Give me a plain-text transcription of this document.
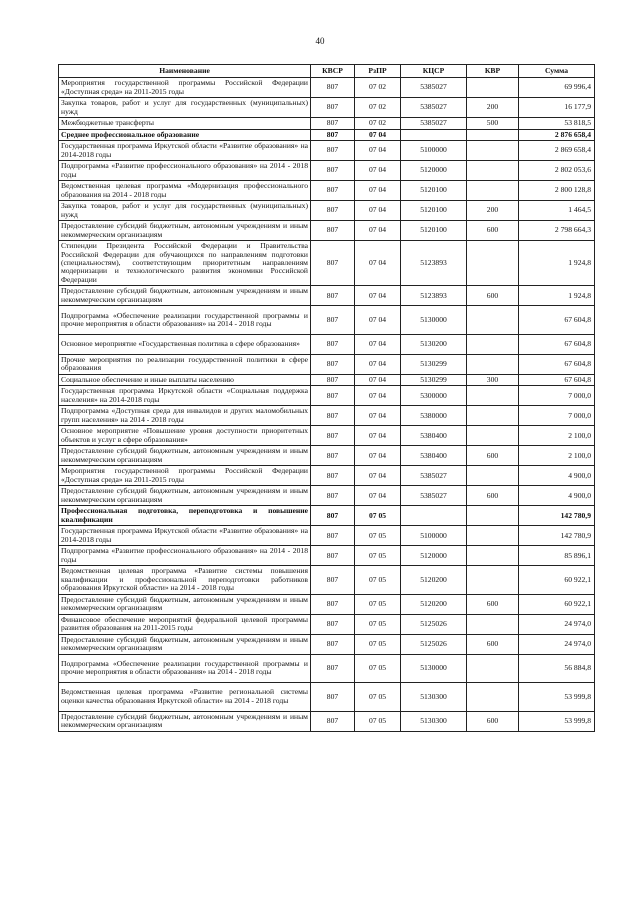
40
Наименование	КВСР	РзПР	КЦСР	КВР	Сумма
Мероприятия государственной программы Российской Федерации «Доступная среда» на 2011-2015 годы	807	07 02	5385027		69 996,4
Закупка товаров, работ и услуг для государственных (муниципальных) нужд	807	07 02	5385027	200	16 177,9
Межбюджетные трансферты	807	07 02	5385027	500	53 818,5
Среднее профессиональное образование	807	07 04			2 876 658,4
Государственная программа Иркутской области «Развитие образования» на 2014-2018 годы	807	07 04	5100000		2 869 658,4
Подпрограмма «Развитие профессионального образования» на 2014 - 2018 годы	807	07 04	5120000		2 802 053,6
Ведомственная целевая программа «Модернизация профессионального образования на 2014 - 2018 годы	807	07 04	5120100		2 800 128,8
Закупка товаров, работ и услуг для государственных (муниципальных) нужд	807	07 04	5120100	200	1 464,5
Предоставление субсидий бюджетным, автономным учреждениям и иным некоммерческим организациям	807	07 04	5120100	600	2 798 664,3
Стипендии Президента Российской Федерации и Правительства Российской Федерации для обучающихся по направлениям подготовки (специальностям), соответствующим приоритетным направлениям модернизации и технологического развития экономики Российской Федерации	807	07 04	5123893		1 924,8
Предоставление субсидий бюджетным, автономным учреждениям и иным некоммерческим организациям	807	07 04	5123893	600	1 924,8
Подпрограмма «Обеспечение реализации государственной программы и прочие мероприятия в области образования» на 2014 - 2018 годы	807	07 04	5130000		67 604,8
Основное мероприятие «Государственная политика в сфере образования»	807	07 04	5130200		67 604,8
Прочие мероприятия по реализации государственной политики в сфере образования	807	07 04	5130299		67 604,8
Социальное обеспечение и иные выплаты населению	807	07 04	5130299	300	67 604,8
Государственная программа Иркутской области «Социальная поддержка населения» на 2014-2018 годы	807	07 04	5300000		7 000,0
Подпрограмма «Доступная среда для инвалидов и других маломобильных групп населения» на 2014 - 2018 годы	807	07 04	5380000		7 000,0
Основное мероприятие «Повышение уровня доступности приоритетных объектов и услуг в сфере образования»	807	07 04	5380400		2 100,0
Предоставление субсидий бюджетным, автономным учреждениям и иным некоммерческим организациям	807	07 04	5380400	600	2 100,0
Мероприятия государственной программы Российской Федерации «Доступная среда» на 2011-2015 годы	807	07 04	5385027		4 900,0
Предоставление субсидий бюджетным, автономным учреждениям и иным некоммерческим организациям	807	07 04	5385027	600	4 900,0
Профессиональная подготовка, переподготовка и повышение квалификации	807	07 05			142 780,9
Государственная программа Иркутской области «Развитие образования» на 2014-2018 годы	807	07 05	5100000		142 780,9
Подпрограмма «Развитие профессионального образования» на 2014 - 2018 годы	807	07 05	5120000		85 896,1
Ведомственная целевая программа «Развитие системы повышения квалификации и профессиональной переподготовки работников образования Иркутской области» на 2014 - 2018 годы	807	07 05	5120200		60 922,1
Предоставление субсидий бюджетным, автономным учреждениям и иным некоммерческим организациям	807	07 05	5120200	600	60 922,1
Финансовое обеспечение мероприятий федеральной целевой программы развития образования на 2011-2015 годы	807	07 05	5125026		24 974,0
Предоставление субсидий бюджетным, автономным учреждениям и иным некоммерческим организациям	807	07 05	5125026	600	24 974,0
Подпрограмма «Обеспечение реализации государственной программы и прочие мероприятия в области образования» на 2014 - 2018 годы	807	07 05	5130000		56 884,8
Ведомственная целевая программа «Развитие региональной системы оценки качества образования Иркутской области» на 2014 - 2018 годы	807	07 05	5130300		53 999,8
Предоставление субсидий бюджетным, автономным учреждениям и иным некоммерческим организациям	807	07 05	5130300	600	53 999,8
